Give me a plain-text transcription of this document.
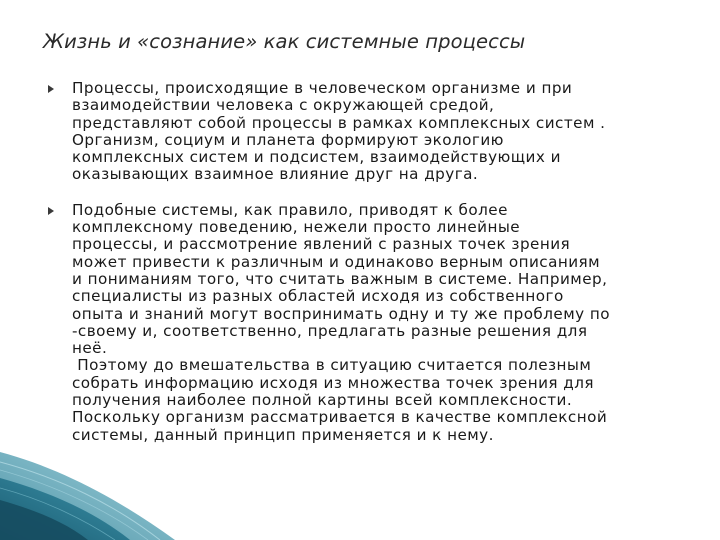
Жизнь и «сознание» как системные процессы
Процессы, происходящие в человеческом организме и при
взаимодействии человека с окружающей средой,
представляют собой процессы в рамках комплексных систем .
Организм, социум и планета формируют экологию
комплексных систем и подсистем, взаимодействующих и
оказывающих взаимное влияние друг на друга.
Подобные системы, как правило, приводят к более
комплексному поведению, нежели просто линейные
процессы, и рассмотрение явлений с разных точек зрения
может привести к различным и одинаково верным описаниям
и пониманиям того, что считать важным в системе. Например,
специалисты из разных областей исходя из собственного
опыта и знаний могут воспринимать одну и ту же проблему по
-своему и, соответственно, предлагать разные решения для
неё.
Поэтому до вмешательства в ситуацию считается полезным
собрать информацию исходя из множества точек зрения для
получения наиболее полной картины всей комплексности.
Поскольку организм рассматривается в качестве комплексной
системы, данный принцип применяется и к нему.
